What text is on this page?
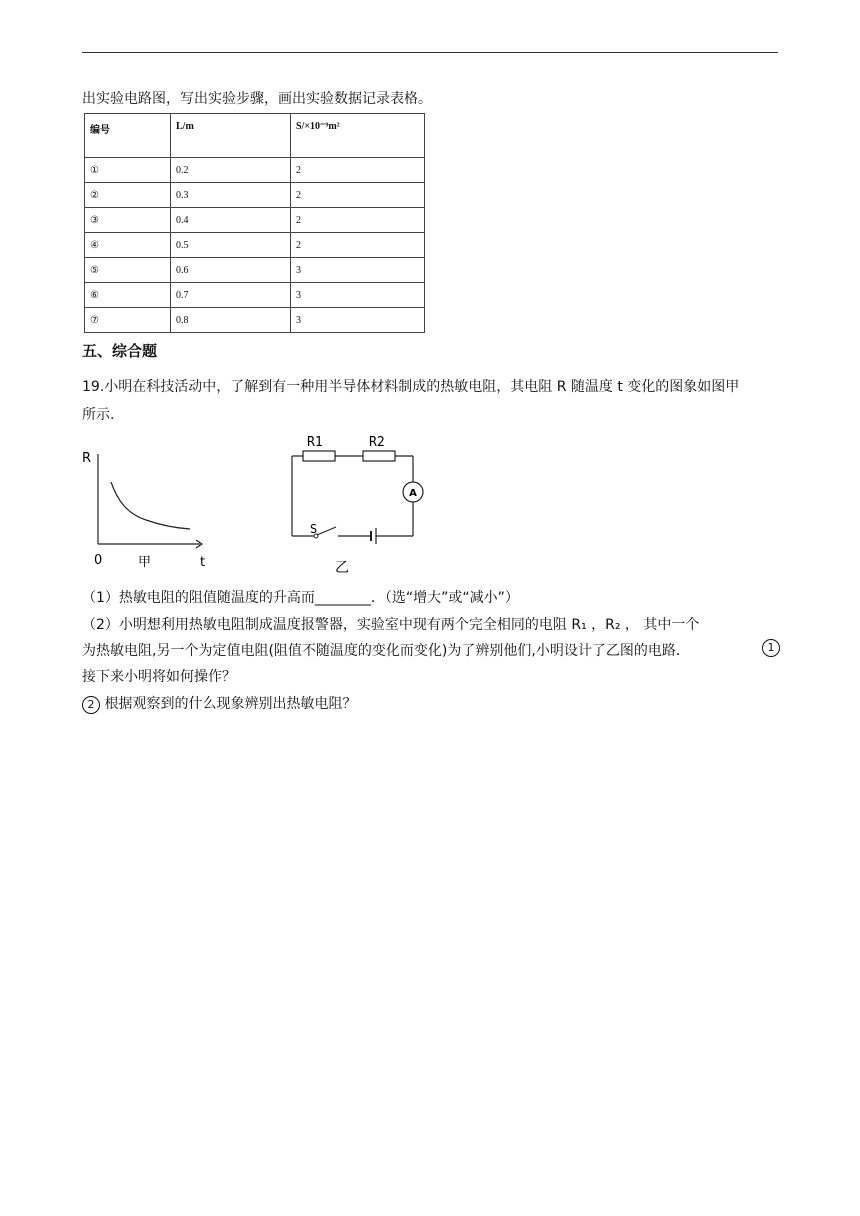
出实验电路图，写出实验步骤，画出实验数据记录表格。
编号	L/m	S/×10⁻⁹m²
①	0.2	2
②	0.3	2
③	0.4	2
④	0.5	2
⑤	0.6	3
⑥	0.7	3
⑦	0.8	3
五、综合题
19.小明在科技活动中，了解到有一种用半导体材料制成的热敏电阻，其电阻 R 随温度 t 变化的图象如图甲
所示.
R
0	甲	t
A
R1	R2
S
乙
（1）热敏电阻的阻值随温度的升高而________．（选“增大”或“减小”）
（2）小明想利用热敏电阻制成温度报警器，实验室中现有两个完全相同的电阻 R₁ ，R₂ ， 其中一个
为热敏电阻,另一个为定值电阻(阻值不随温度的变化而变化)为了辨别他们,小明设计了乙图的电路．	1
接下来小明将如何操作？
2 根据观察到的什么现象辨别出热敏电阻？
